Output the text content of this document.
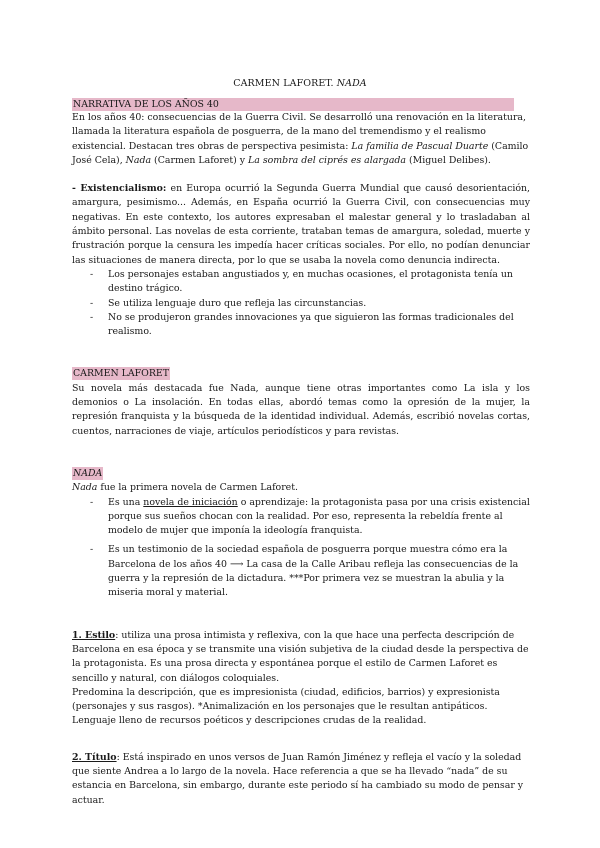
CARMEN LAFORET. NADA
NARRATIVA DE LOS AÑOS 40

En los años 40: consecuencias de la Guerra Civil. Se desarrolló una renovación en la literatura, llamada la literatura española de posguerra, de la mano del tremendismo y el realismo existencial. Destacan tres obras de perspectiva pesimista: La familia de Pascual Duarte (Camilo José Cela), Nada (Carmen Laforet) y La sombra del ciprés es alargada (Miguel Delibes).

- Existencialismo: en Europa ocurrió la Segunda Guerra Mundial que causó desorientación, amargura, pesimismo... Además, en España ocurrió la Guerra Civil, con consecuencias muy negativas. En este contexto, los autores expresaban el malestar general y lo trasladaban al ámbito personal. Las novelas de esta corriente, trataban temas de amargura, soledad, muerte y frustración porque la censura les impedía hacer críticas sociales. Por ello, no podían denunciar las situaciones de manera directa, por lo que se usaba la novela como denuncia indirecta.

- Los personajes estaban angustiados y, en muchas ocasiones, el protagonista tenía un destino trágico.
- Se utiliza lenguaje duro que refleja las circunstancias.
- No se produjeron grandes innovaciones ya que siguieron las formas tradicionales del realismo.
CARMEN LAFORET

Su novela más destacada fue Nada, aunque tiene otras importantes como La isla y los demonios o La insolación. En todas ellas, abordó temas como la opresión de la mujer, la represión franquista y la búsqueda de la identidad individual. Además, escribió novelas cortas, cuentos, narraciones de viaje, artículos periodísticos y para revistas.

NADA

Nada fue la primera novela de Carmen Laforet.

- Es una novela de iniciación o aprendizaje: la protagonista pasa por una crisis existencial porque sus sueños chocan con la realidad. Por eso, representa la rebeldía frente al modelo de mujer que imponía la ideología franquista.
- Es un testimonio de la sociedad española de posguerra porque muestra cómo era la Barcelona de los años 40 ⟶ La casa de la Calle Aribau refleja las consecuencias de la guerra y la represión de la dictadura. ***Por primera vez se muestran la abulia y la miseria moral y material.

1. Estilo: utiliza una prosa intimista y reflexiva, con la que hace una perfecta descripción de Barcelona en esa época y se transmite una visión subjetiva de la ciudad desde la perspectiva de la protagonista. Es una prosa directa y espontánea porque el estilo de Carmen Laforet es sencillo y natural, con diálogos coloquiales.

Predomina la descripción, que es impresionista (ciudad, edificios, barrios) y expresionista (personajes y sus rasgos). *Animalización en los personajes que le resultan antipáticos.

Lenguaje lleno de recursos poéticos y descripciones crudas de la realidad.

2. Título: Está inspirado en unos versos de Juan Ramón Jiménez y refleja el vacío y la soledad que siente Andrea a lo largo de la novela. Hace referencia a que se ha llevado “nada” de su estancia en Barcelona, sin embargo, durante este periodo sí ha cambiado su modo de pensar y actuar.
